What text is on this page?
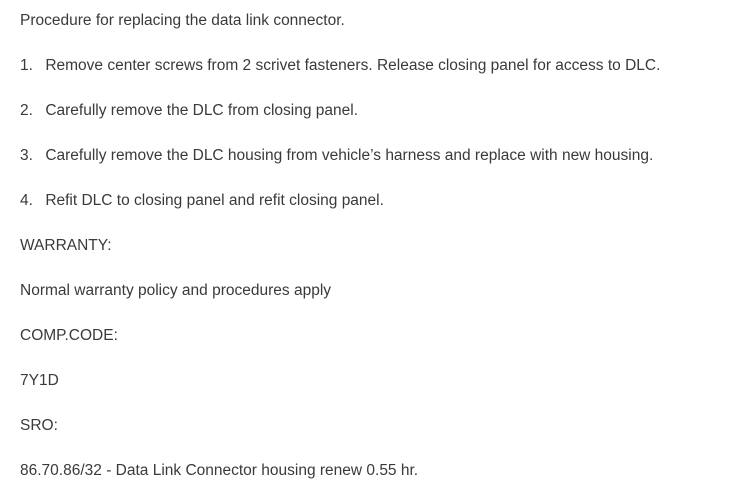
Procedure for replacing the data link connector.
1. Remove center screws from 2 scrivet fasteners. Release closing panel for access to DLC.
2. Carefully remove the DLC from closing panel.
3. Carefully remove the DLC housing from vehicle’s harness and replace with new housing.
4. Refit DLC to closing panel and refit closing panel.
WARRANTY:
Normal warranty policy and procedures apply
COMP.CODE:
7Y1D
SRO:
86.70.86/32 - Data Link Connector housing renew 0.55 hr.
